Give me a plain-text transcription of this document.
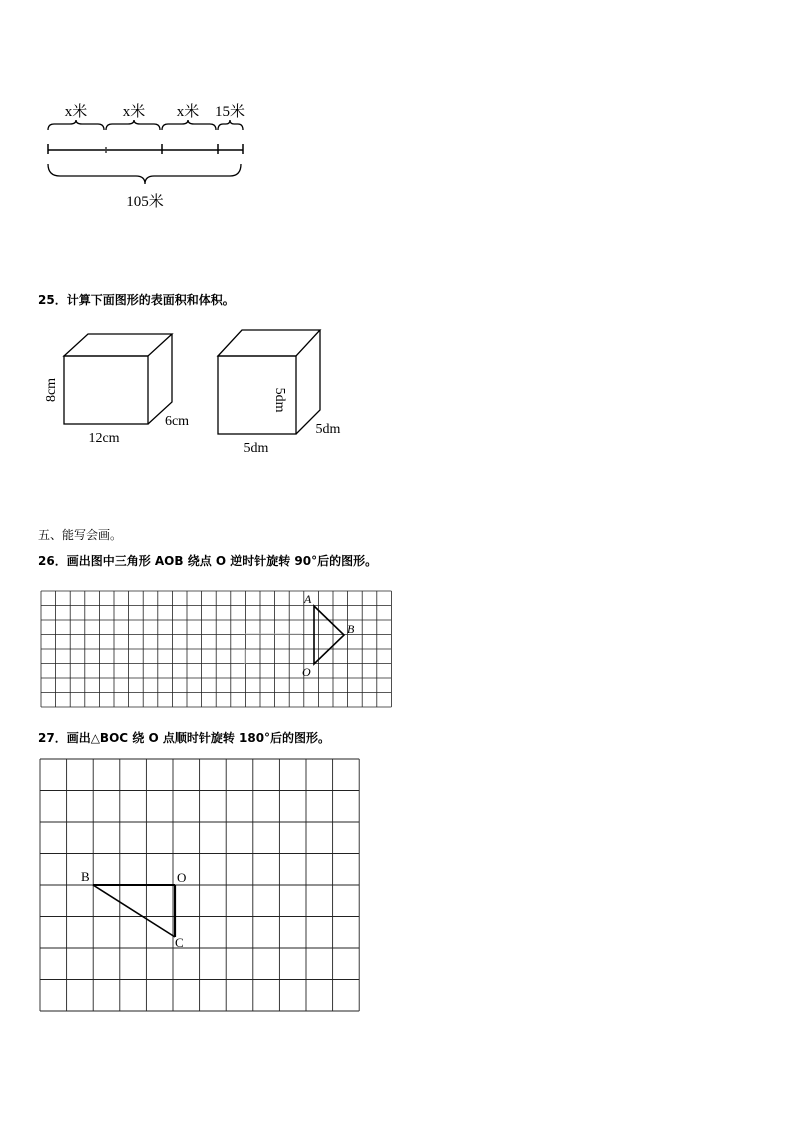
x米 x米 x米 15米
105米
25．计算下面图形的表面积和体积。
8cm
12cm
6cm
5dm
5dm
5dm
五、能写会画。
26．画出图中三角形 AOB 绕点 O 逆时针旋转 90°后的图形。
A
B
O
27．画出△BOC 绕 O 点顺时针旋转 180°后的图形。
B	O
C
